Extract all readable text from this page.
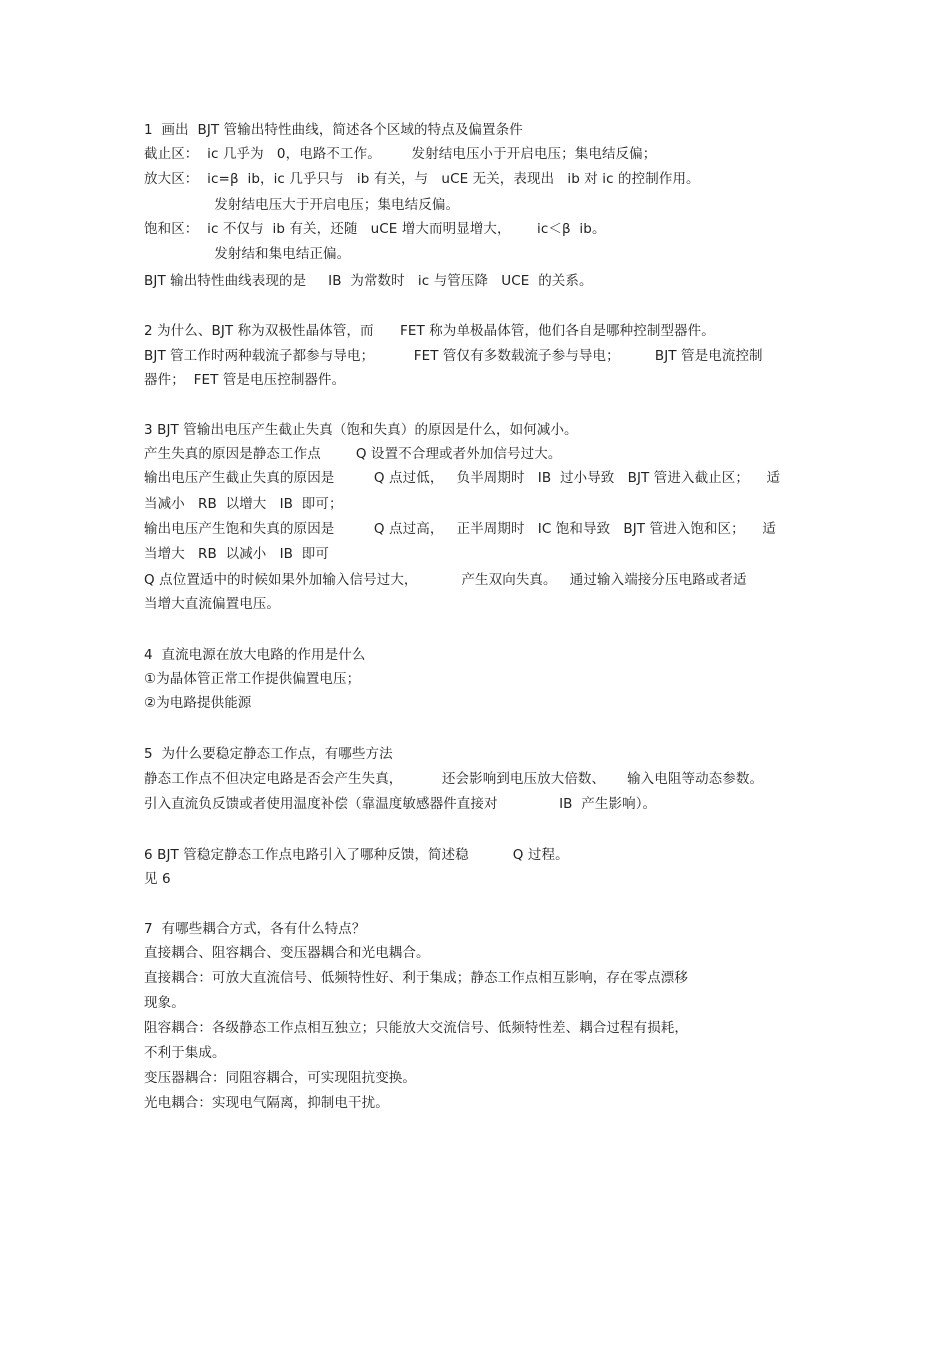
1  画出  BJT 管输出特性曲线，简述各个区域的特点及偏置条件
截止区：  ic 几乎为   0，电路不工作。       发射结电压小于开启电压；集电结反偏；
放大区：  ic=β  ib，ic 几乎只与   ib 有关，与   uCE 无关，表现出   ib 对 ic 的控制作用。
发射结电压大于开启电压；集电结反偏。
饱和区：  ic 不仅与  ib 有关，还随   uCE 增大而明显增大，      ic＜β  ib。
发射结和集电结正偏。
BJT 输出特性曲线表现的是     IB  为常数时   ic 与管压降   UCE  的关系。
2 为什么、BJT 称为双极性晶体管，而      FET 称为单极晶体管，他们各自是哪种控制型器件。
BJT 管工作时两种载流子都参与导电；         FET 管仅有多数载流子参与导电；        BJT 管是电流控制
器件；  FET 管是电压控制器件。
3 BJT 管输出电压产生截止失真（饱和失真）的原因是什么，如何减小。
产生失真的原因是静态工作点        Q 设置不合理或者外加信号过大。
输出电压产生截止失真的原因是         Q 点过低，   负半周期时   IB  过小导致   BJT 管进入截止区；    适
当减小   RB  以增大   IB  即可；
输出电压产生饱和失真的原因是         Q 点过高，   正半周期时   IC 饱和导致   BJT 管进入饱和区；    适
当增大   RB  以减小   IB  即可
Q 点位置适中的时候如果外加输入信号过大，          产生双向失真。   通过输入端接分压电路或者适
当增大直流偏置电压。
4  直流电源在放大电路的作用是什么
①为晶体管正常工作提供偏置电压；
②为电路提供能源
5  为什么要稳定静态工作点，有哪些方法
静态工作点不但决定电路是否会产生失真，         还会影响到电压放大倍数、     输入电阻等动态参数。
引入直流负反馈或者使用温度补偿（靠温度敏感器件直接对              IB  产生影响）。
6 BJT 管稳定静态工作点电路引入了哪种反馈，简述稳          Q 过程。
见 6
7  有哪些耦合方式，各有什么特点？
直接耦合、阻容耦合、变压器耦合和光电耦合。
直接耦合：可放大直流信号、低频特性好、利于集成；静态工作点相互影响，存在零点漂移
现象。
阻容耦合：各级静态工作点相互独立；只能放大交流信号、低频特性差、耦合过程有损耗，
不利于集成。
变压器耦合：同阻容耦合，可实现阻抗变换。
光电耦合：实现电气隔离，抑制电干扰。
